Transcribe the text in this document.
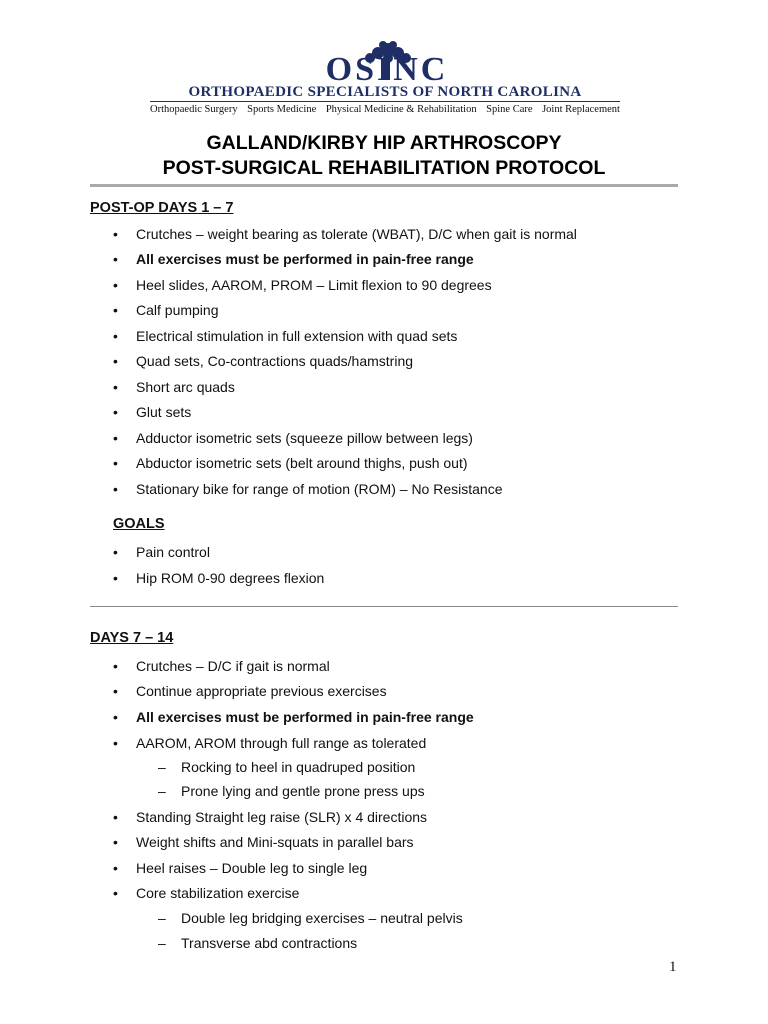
OSINC
ORTHOPAEDIC SPECIALISTS OF NORTH CAROLINA
Orthopaedic Surgery Sports Medicine Physical Medicine & Rehabilitation Spine Care Joint Replacement
GALLAND/KIRBY HIP ARTHROSCOPY
POST-SURGICAL REHABILITATION PROTOCOL
POST-OP DAYS 1 – 7
• Crutches – weight bearing as tolerate (WBAT), D/C when gait is normal
• All exercises must be performed in pain-free range
• Heel slides, AAROM, PROM – Limit flexion to 90 degrees
• Calf pumping
• Electrical stimulation in full extension with quad sets
• Quad sets, Co-contractions quads/hamstring
• Short arc quads
• Glut sets
• Adductor isometric sets (squeeze pillow between legs)
• Abductor isometric sets (belt around thighs, push out)
• Stationary bike for range of motion (ROM) – No Resistance
GOALS
• Pain control
• Hip ROM 0-90 degrees flexion
DAYS 7 – 14
• Crutches – D/C if gait is normal
• Continue appropriate previous exercises
• All exercises must be performed in pain-free range
• AAROM, AROM through full range as tolerated
– Rocking to heel in quadruped position
– Prone lying and gentle prone press ups
• Standing Straight leg raise (SLR) x 4 directions
• Weight shifts and Mini-squats in parallel bars
• Heel raises – Double leg to single leg
• Core stabilization exercise
– Double leg bridging exercises – neutral pelvis
– Transverse abd contractions
1
